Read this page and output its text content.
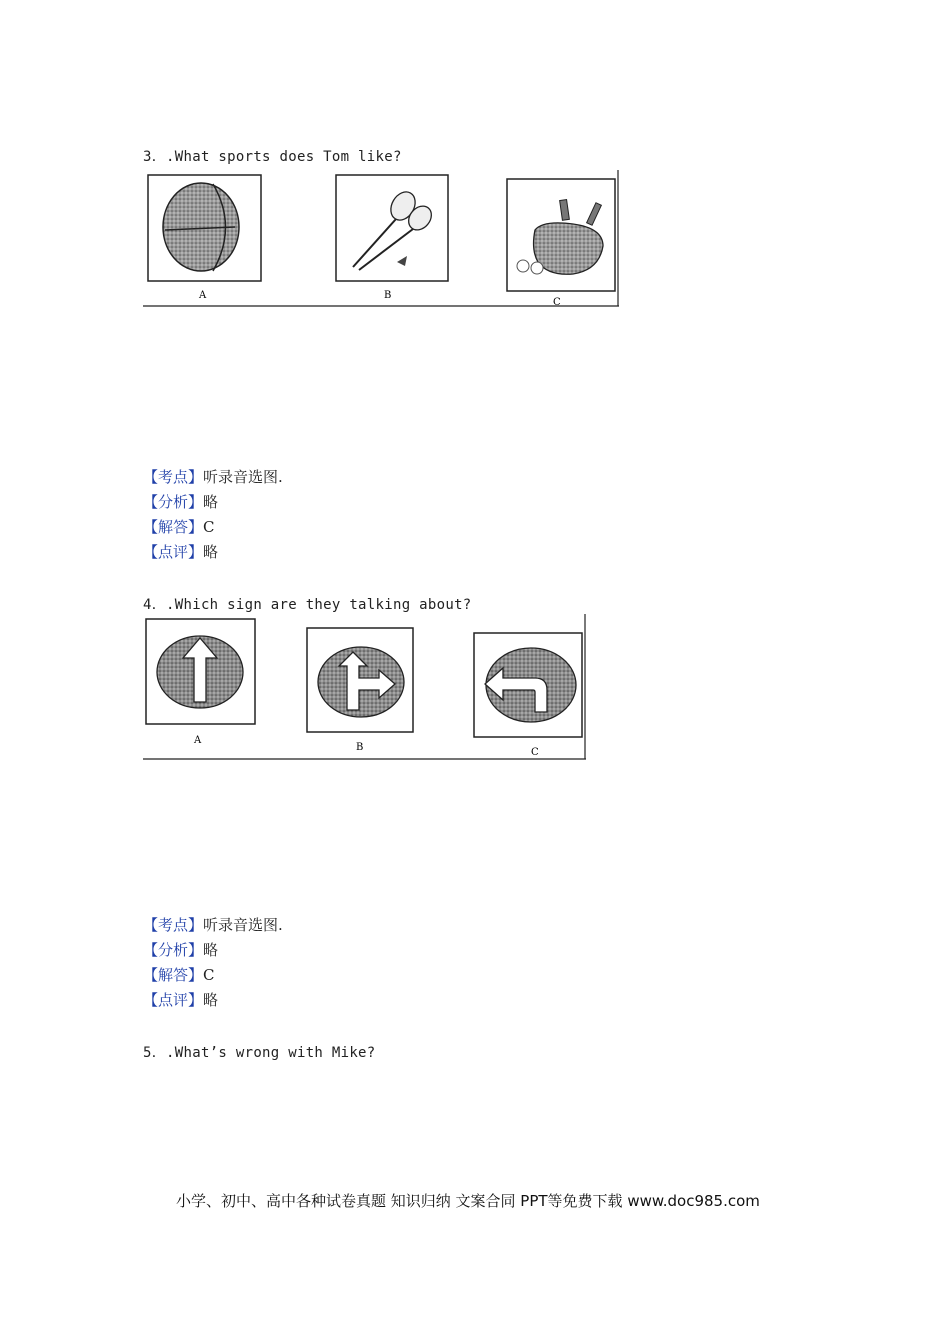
3．.What sports does Tom like?
A	B
C
【考点】听录音选图.
【分析】略
【解答】C
【点评】略
4．.Which sign are they talking about?
A
B	C
【考点】听录音选图.
【分析】略
【解答】C
【点评】略
5．.What’s wrong with Mike?
小学、初中、高中各种试卷真题 知识归纳 文案合同 PPT等免费下载 www.doc985.com
